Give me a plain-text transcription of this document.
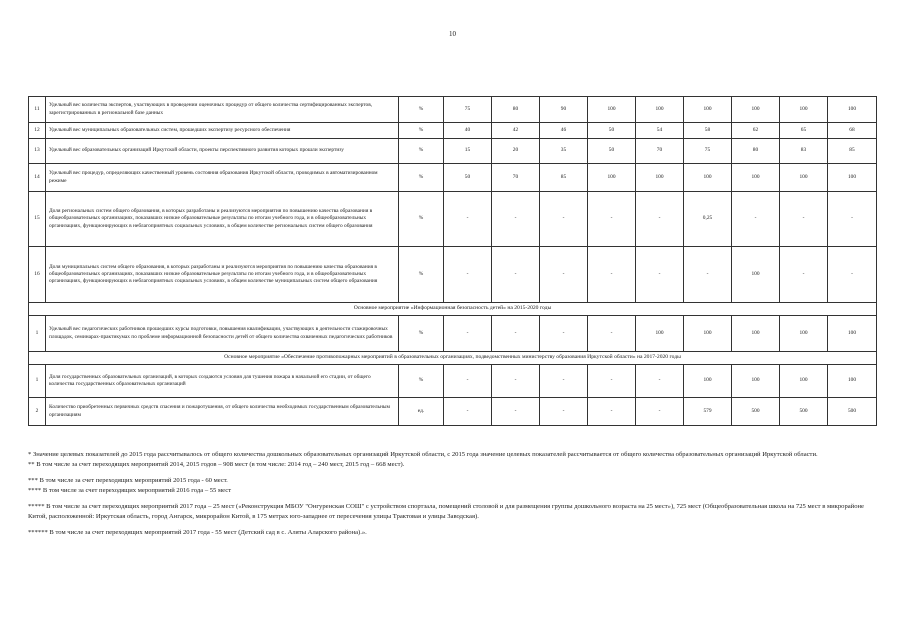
10
11	Удельный вес количества экспертов, участвующих в проведении оценочных процедур от общего количества сертифицированных экспертов, зарегистрированных в региональной базе данных	%	75	80	90	100	100	100	100	100	100
12	Удельный вес муниципальных образовательных систем, прошедших экспертизу ресурсного обеспечения	%	40	42	46	50	54	58	62	65	68
13	Удельный вес образовательных организаций Иркутской области, проекты перспективного развития которых прошли экспертизу	%	15	20	35	50	70	75	80	83	85
14	Удельный вес процедур, определяющих качественный уровень состояния образования Иркутской области, проводимых в автоматизированном режиме	%	50	70	85	100	100	100	100	100	100
15	Доля региональных систем общего образования, в которых разработаны и реализуются мероприятия по повышению качества образования в общеобразовательных организациях, показавших низкие образовательные результаты по итогам учебного года, и в общеобразовательных организациях, функционирующих в неблагоприятных социальных условиях, в общем количестве региональных систем общего образования	%	-	-	-	-	-	0,25	-	-	-
16	Доля муниципальных систем общего образования, в которых разработаны и реализуются мероприятия по повышению качества образования в общеобразовательных организациях, показавших низкие образовательные результаты по итогам учебного года, и в общеобразовательных организациях, функционирующих в неблагоприятных социальных условиях, в общем количестве муниципальных систем общего образования	%	-	-	-	-	-	-	100	-	-
Основное мероприятие «Информационная безопасность детей» на 2015-2020 годы											
1	Удельный вес педагогических работников прошедших курсы подготовки, повышения квалификации, участвующих в деятельности стажировочных площадок, семинарах-практикумах по проблеме информационной безопасности детей от общего количества охваченных педагогических работников	%	-	-	-	-	100	100	100	100	100
Основное мероприятие «Обеспечение противопожарных мероприятий в образовательных организациях, подведомственных министерству образования Иркутской области» на 2017-2020 годы											
1	Доля государственных образовательных организаций, в которых создаются условия для тушения пожара в начальной его стадии, от общего количества государственных образовательных организаций	%	-	-	-	-	-	100	100	100	100
2	Количество приобретенных первичных средств спасения и пожаротушения, от общего количества необходимых государственным образовательным организациям	ед.	-	-	-	-	-	579	500	500	500

* Значение целевых показателей до 2015 года рассчитывалось от общего количества дошкольных образовательных организаций Иркутской области, с 2015 года значение целевых показателей рассчитывается от общего количества образовательных организаций Иркутской области.

** В том числе за счет переходящих мероприятий 2014, 2015 годов – 908 мест (в том числе: 2014 год – 240 мест, 2015 год – 668 мест).

*** В том числе за счет переходящих мероприятий 2015 года - 60 мест.

**** В том числе за счет переходящих мероприятий 2016 года – 55 мест

***** В том числе за счет переходящих мероприятий 2017 года – 25 мест («Реконструкция МБОУ "Онгуренская СОШ" с устройством спортзала, помещений столовой и для размещения группы дошкольного возраста на 25 мест»), 725 мест (Общеобразовательная школа на 725 мест в микрорайоне Китой, расположенной: Иркутская область, город Ангарск, микрорайон Китой, в 175 метрах юго-западнее от пересечения улицы Трактовая и улицы Заводская).

****** В том числе за счет переходящих мероприятий 2017 года - 55 мест (Детский сад в с. Аляты Аларского района).».
